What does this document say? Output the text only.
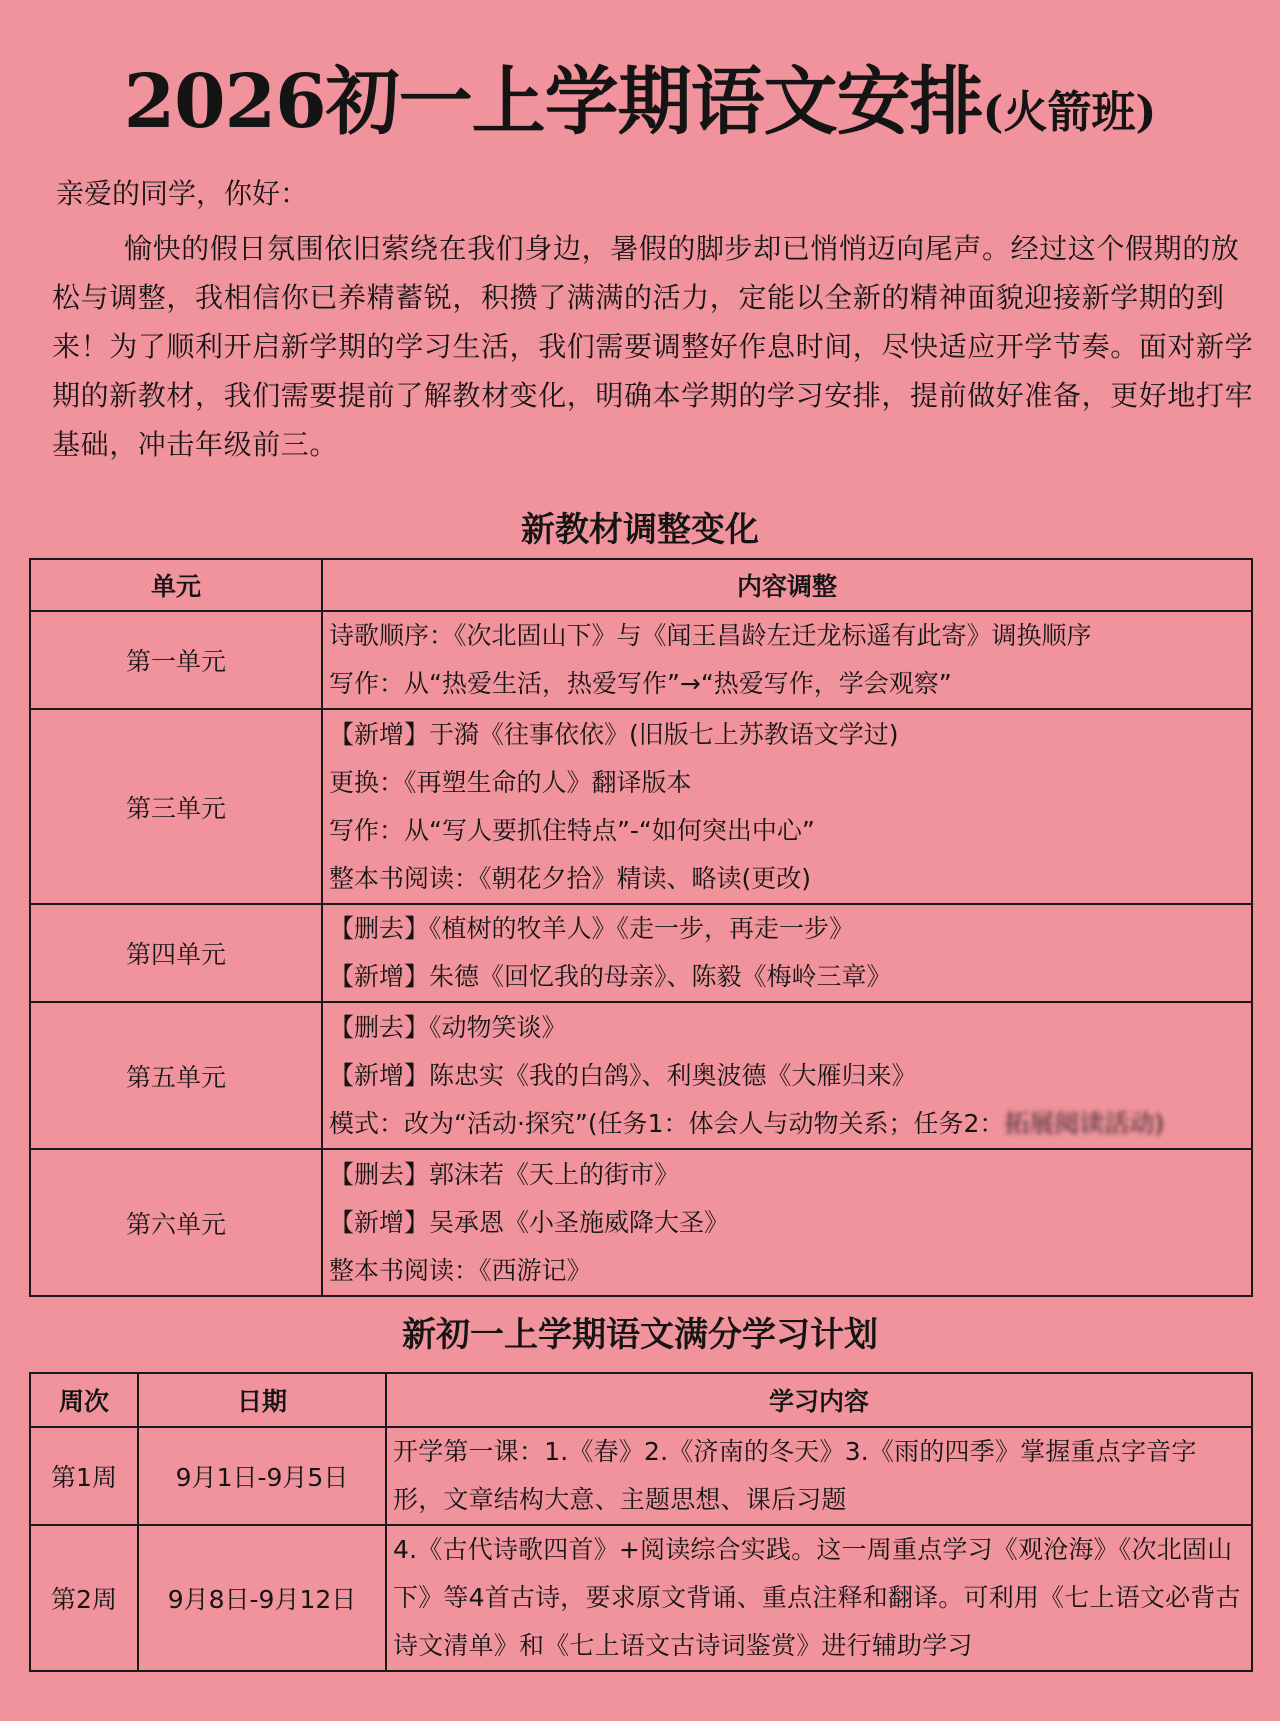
2026初一上学期语文安排(火箭班)
亲爱的同学，你好：

愉快的假日氛围依旧萦绕在我们身边，暑假的脚步却已悄悄迈向尾声。经过这个假期的放松与调整，我相信你已养精蓄锐，积攒了满满的活力，定能以全新的精神面貌迎接新学期的到来！为了顺利开启新学期的学习生活，我们需要调整好作息时间，尽快适应开学节奏。面对新学期的新教材，我们需要提前了解教材变化，明确本学期的学习安排，提前做好准备，更好地打牢基础，冲击年级前三。

新教材调整变化
单元	内容调整
第一单元	诗歌顺序：《次北固山下》与《闻王昌龄左迁龙标遥有此寄》调换顺序
写作：从“热爱生活，热爱写作”→“热爱写作，学会观察”

第三单元	【新增】于漪《往事依依》(旧版七上苏教语文学过)
更换：《再塑生命的人》翻译版本
写作：从“写人要抓住特点”-“如何突出中心”
整本书阅读：《朝花夕拾》精读、略读(更改)

第四单元	【删去】《植树的牧羊人》《走一步，再走一步》
【新增】朱德《回忆我的母亲》、陈毅《梅岭三章》

第五单元	【删去】《动物笑谈》
【新增】陈忠实《我的白鸽》、利奥波德《大雁归来》
模式：改为“活动·探究”(任务1：体会人与动物关系；任务2：拓展阅读活动)

第六单元	【删去】郭沫若《天上的街市》
【新增】吴承恩《小圣施威降大圣》
整本书阅读：《西游记》
新初一上学期语文满分学习计划
周次	日期	学习内容
第1周	9月1日-9月5日	开学第一课：1.《春》2.《济南的冬天》3.《雨的四季》掌握重点字音字形，文章结构大意、主题思想、课后习题
第2周	9月8日-9月12日	4.《古代诗歌四首》+阅读综合实践。这一周重点学习《观沧海》《次北固山下》等4首古诗，要求原文背诵、重点注释和翻译。可利用《七上语文必背古诗文清单》和《七上语文古诗词鉴赏》进行辅助学习
